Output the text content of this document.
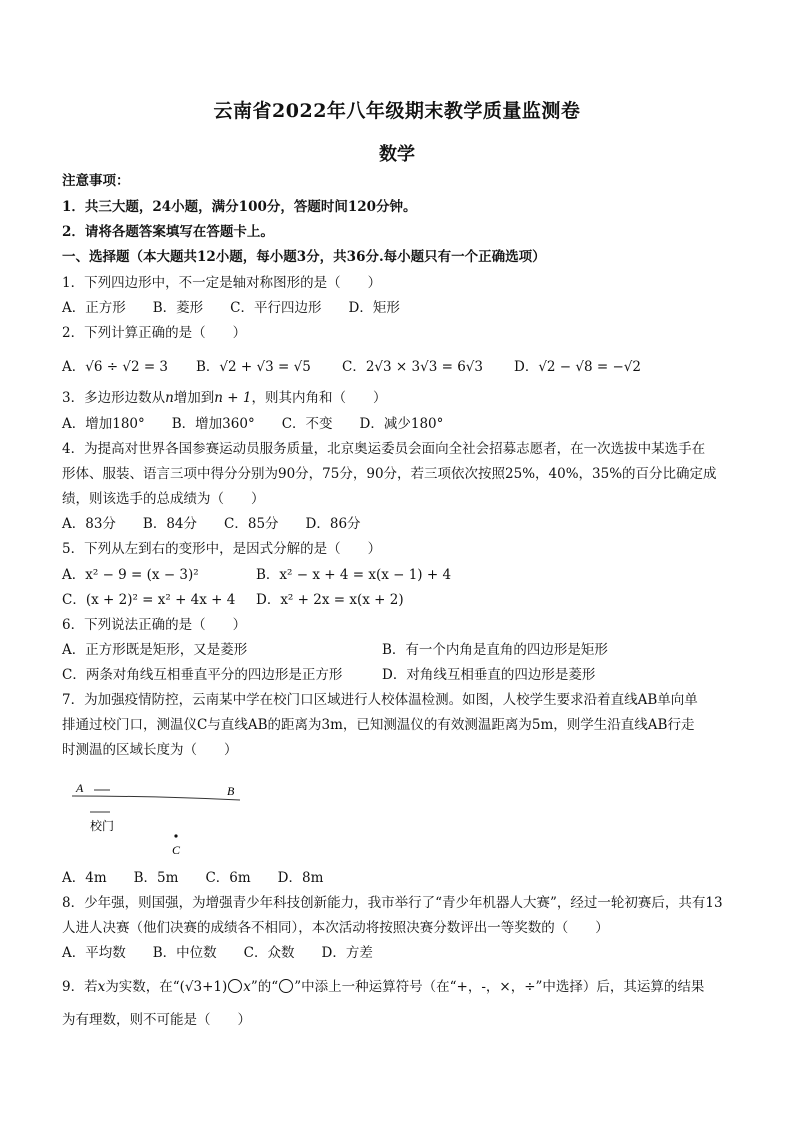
云南省2022年八年级期末教学质量监测卷
数学
注意事项：
1．共三大题，24小题，满分100分，答题时间120分钟。
2．请将各题答案填写在答题卡上。
一、选择题（本大题共12小题，每小题3分，共36分.每小题只有一个正确选项）
1．下列四边形中，不一定是轴对称图形的是（　　）
A．正方形　　B．菱形　　C．平行四边形　　D．矩形
2．下列计算正确的是（　　）
A．√6 ÷ √2 = 3 B．√2 + √3 = √5 C．2√3 × 3√3 = 6√3 D．√2 − √8 = −√2
3．多边形边数从n增加到n + 1，则其内角和（　　）
A．增加180°　　B．增加360°　　C．不变　　D．减少180°
4．为提高对世界各国参赛运动员服务质量，北京奥运委员会面向全社会招募志愿者，在一次选拔中某选手在
形体、服装、语言三项中得分分别为90分，75分，90分，若三项依次按照25%，40%，35%的百分比确定成
绩，则该选手的总成绩为（　　）
A．83分　　B．84分　　C．85分　　D．86分
5．下列从左到右的变形中，是因式分解的是（　　）
A．x² − 9 = (x − 3)²	B．x² − x + 4 = x(x − 1) + 4
C．(x + 2)² = x² + 4x + 4 D．x² + 2x = x(x + 2)
6．下列说法正确的是（　　）
A．正方形既是矩形，又是菱形	B．有一个内角是直角的四边形是矩形
C．两条对角线互相垂直平分的四边形是正方形	D．对角线互相垂直的四边形是菱形
7．为加强疫情防控，云南某中学在校门口区域进行人校体温检测。如图，人校学生要求沿着直线AB单向单
排通过校门口，测温仪C与直线AB的距离为3m，已知测温仪的有效测温距离为5m，则学生沿直线AB行走
时测温的区域长度为（　　）
A	B
校门
C
A．4m　　B．5m　　C．6m　　D．8m
8．少年强，则国强，为增强青少年科技创新能力，我市举行了“青少年机器人大赛”，经过一轮初赛后，共有13
人进人决赛（他们决赛的成绩各不相同），本次活动将按照决赛分数评出一等奖数的（　　）
A．平均数　　B．中位数　　C．众数　　D．方差
9．若x为实数，在“(√3+1) x”的“ ”中添上一种运算符号（在“+，-，×，÷”中选择）后，其运算的结果
为有理数，则不可能是（　　）
